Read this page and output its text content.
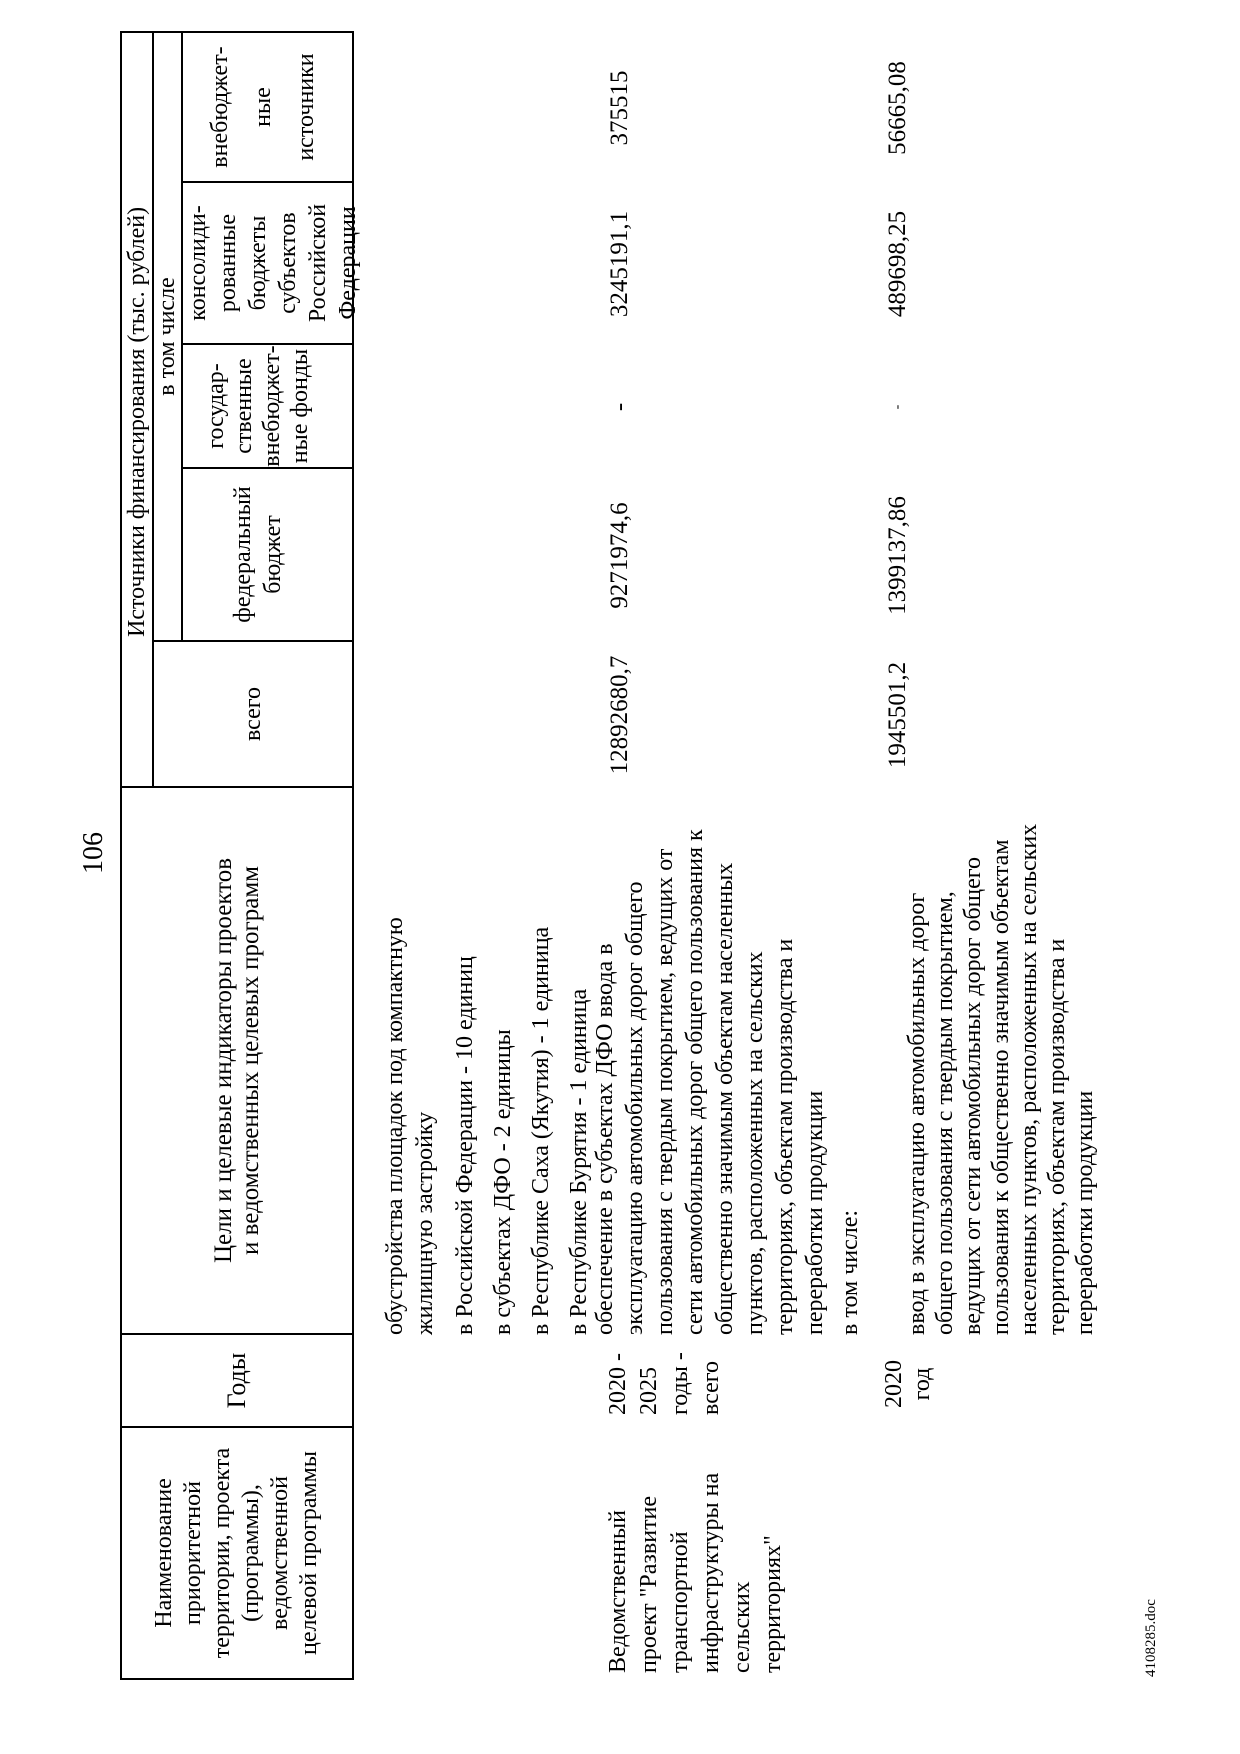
106
Наименование приоритетной территории, проекта (программы), ведомственной целевой программы
Годы
Цели и целевые индикаторы проектов и ведомственных целевых программ
Источники финансирования (тыс. рублей)
всего
в том числе
федеральный бюджет
государ- ственные внебюджет- ные фонды
консолиди- рованные бюджеты субъектов Российской Федерации
внебюджет- ные источники
обустройства площадок под компактную жилищную застройку в Российской Федерации - 10 единиц в субъектах ДФО - 2 единицы в Республике Саха (Якутия) - 1 единица в Республике Бурятия - 1 единица
Ведомственный проект "Развитие транспортной инфраструктуры на сельских территориях"
2020 - 2025 годы - всего
обеспечение в субъектах ДФО ввода в эксплуатацию автомобильных дорог общего пользования с твердым покрытием, ведущих от сети автомобильных дорог общего пользования к общественно значимым объектам населенных пунктов, расположенных на сельских территориях, объектам производства и переработки продукции
12892680,7
9271974,6
-
3245191,1
375515
в том числе:
2020 год
ввод в эксплуатацию автомобильных дорог общего пользования с твердым покрытием, ведущих от сети автомобильных дорог общего пользования к общественно значимым объектам населенных пунктов, расположенных на сельских территориях, объектам производства и переработки продукции
1945501,2
1399137,86
-
489698,25
56665,08
4108285.doc
